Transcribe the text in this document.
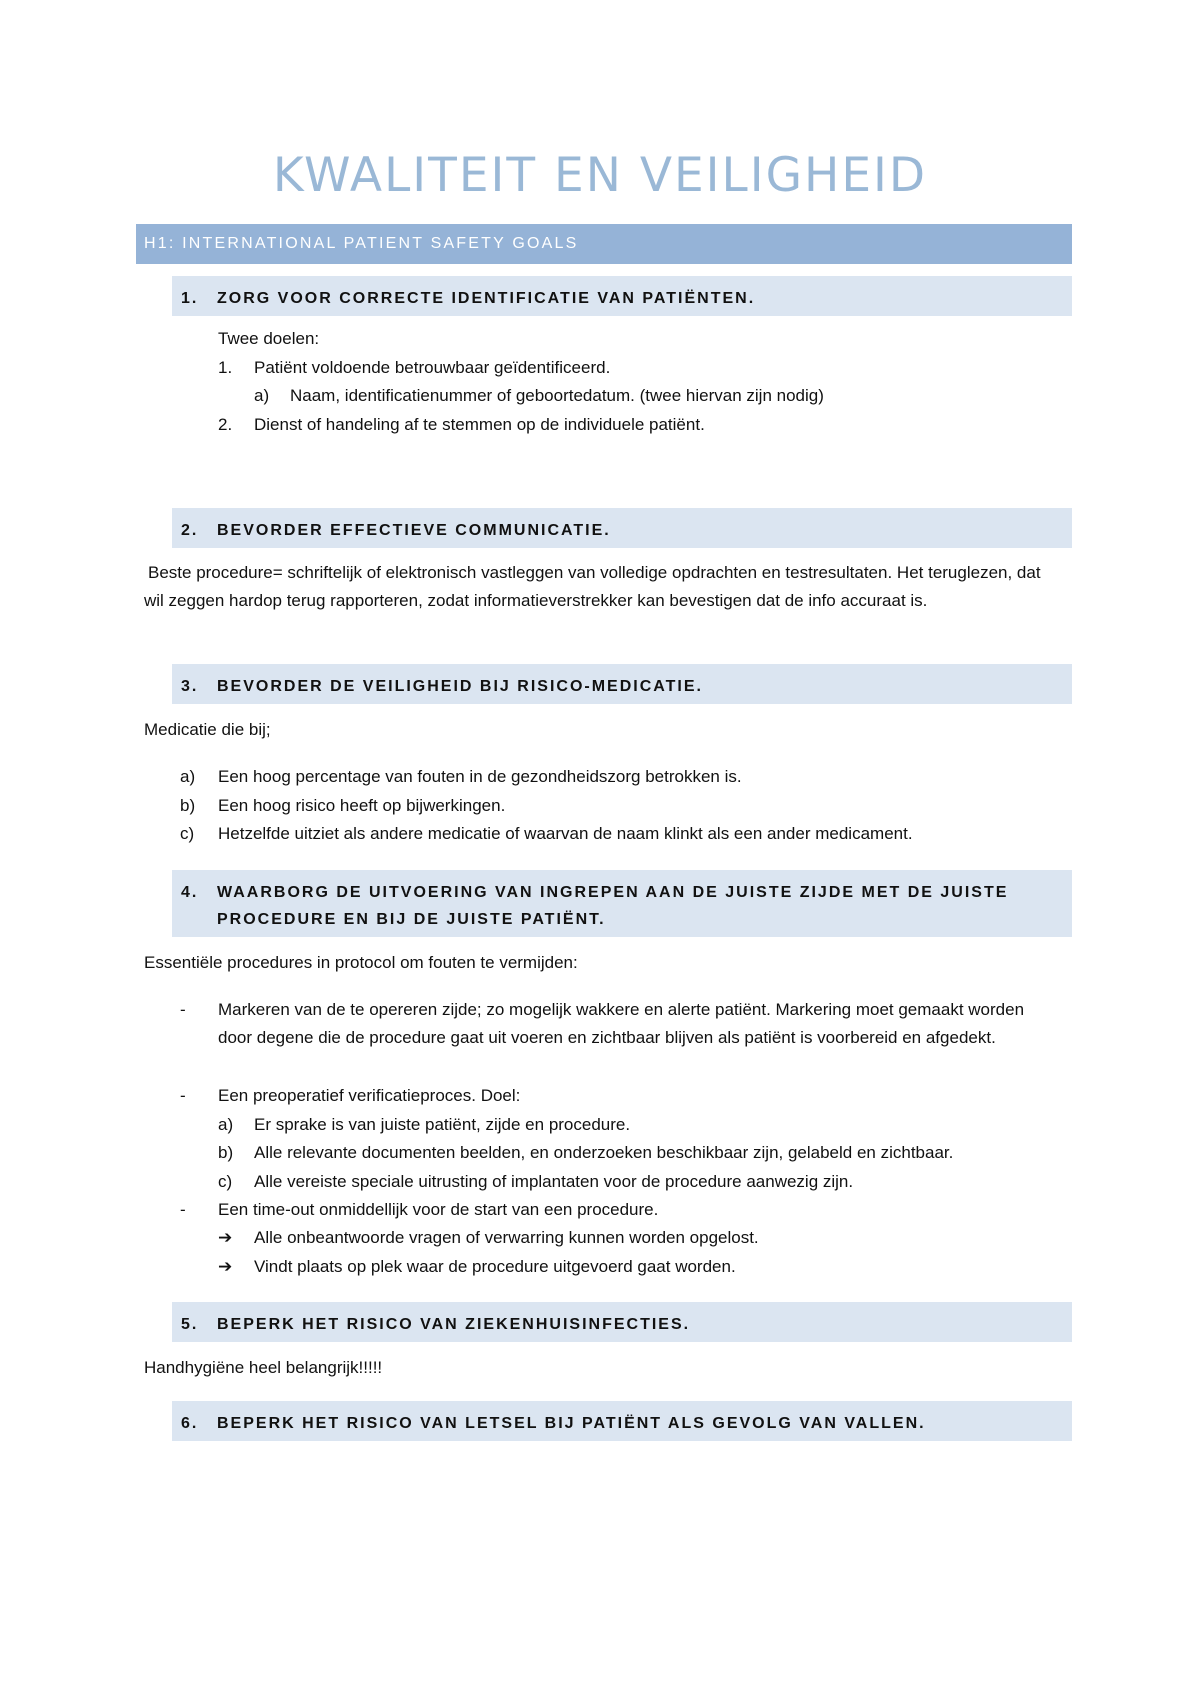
KWALITEIT EN VEILIGHEID
H1: INTERNATIONAL PATIENT SAFETY GOALS
1. ZORG VOOR CORRECTE IDENTIFICATIE VAN PATIËNTEN.
Twee doelen:
1. Patiënt voldoende betrouwbaar geïdentificeerd.
a) Naam, identificatienummer of geboortedatum. (twee hiervan zijn nodig)
2. Dienst of handeling af te stemmen op de individuele patiënt.
2. BEVORDER EFFECTIEVE COMMUNICATIE.
Beste procedure= schriftelijk of elektronisch vastleggen van volledige opdrachten en testresultaten. Het teruglezen, dat wil zeggen hardop terug rapporteren, zodat informatieverstrekker kan bevestigen dat de info accuraat is.
3. BEVORDER DE VEILIGHEID BIJ RISICO-MEDICATIE.
Medicatie die bij;
a) Een hoog percentage van fouten in de gezondheidszorg betrokken is.
b) Een hoog risico heeft op bijwerkingen.
c) Hetzelfde uitziet als andere medicatie of waarvan de naam klinkt als een ander medicament.
4. WAARBORG DE UITVOERING VAN INGREPEN AAN DE JUISTE ZIJDE MET DE JUISTE PROCEDURE EN BIJ DE JUISTE PATIËNT.
Essentiële procedures in protocol om fouten te vermijden:
- Markeren van de te opereren zijde; zo mogelijk wakkere en alerte patiënt. Markering moet gemaakt worden door degene die de procedure gaat uit voeren en zichtbaar blijven als patiënt is voorbereid en afgedekt.
- Een preoperatief verificatieproces. Doel:
a) Er sprake is van juiste patiënt, zijde en procedure.
b) Alle relevante documenten beelden, en onderzoeken beschikbaar zijn, gelabeld en zichtbaar.
c) Alle vereiste speciale uitrusting of implantaten voor de procedure aanwezig zijn.
- Een time-out onmiddellijk voor de start van een procedure.
➔ Alle onbeantwoorde vragen of verwarring kunnen worden opgelost.
➔ Vindt plaats op plek waar de procedure uitgevoerd gaat worden.
5. BEPERK HET RISICO VAN ZIEKENHUISINFECTIES.
Handhygiëne heel belangrijk!!!!!
6. BEPERK HET RISICO VAN LETSEL BIJ PATIËNT ALS GEVOLG VAN VALLEN.
